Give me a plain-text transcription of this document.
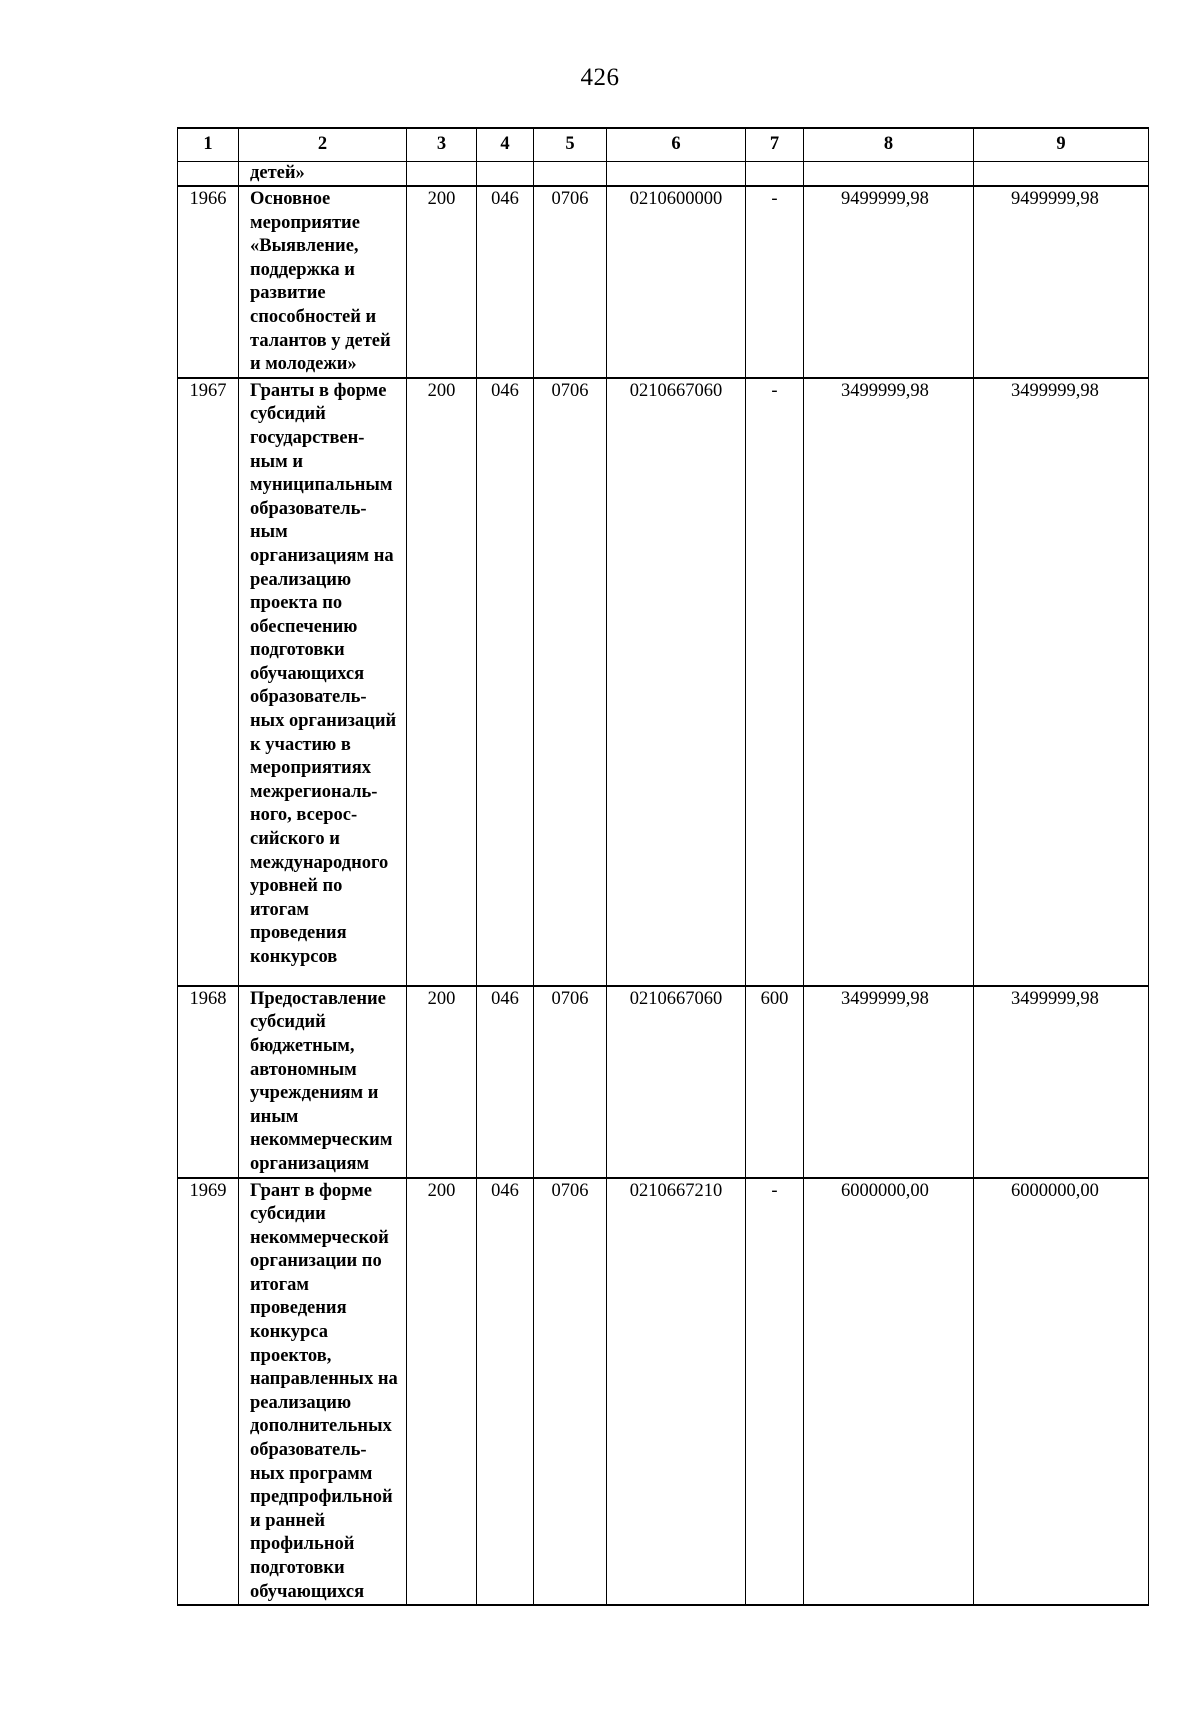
426
1	2	3	4	5	6	7	8	9

	детей»							

1966	Основное мероприятие «Выявление, поддержка и развитие способностей и талантов у детей и молодежи»	200	046	0706	0210600000	-	9499999,98	9499999,98
1967	Гранты в форме субсидий государствен-ным и муниципальным образователь-ным организациям на реализацию проекта по обеспечению подготовки обучающихся образователь-ных организаций к участию в мероприятиях межрегиональ-ного, всерос-сийского и международного уровней по итогам проведения конкурсов	200	046	0706	0210667060	-	3499999,98	3499999,98
1968	Предоставление субсидий бюджетным, автономным учреждениям и иным некоммерческим организациям	200	046	0706	0210667060	600	3499999,98	3499999,98
1969	Грант в форме субсидии некоммерческой организации по итогам проведения конкурса проектов, направленных на реализацию дополнительных образователь-ных программ предпрофильной и ранней профильной подготовки обучающихся	200	046	0706	0210667210	-	6000000,00	6000000,00
